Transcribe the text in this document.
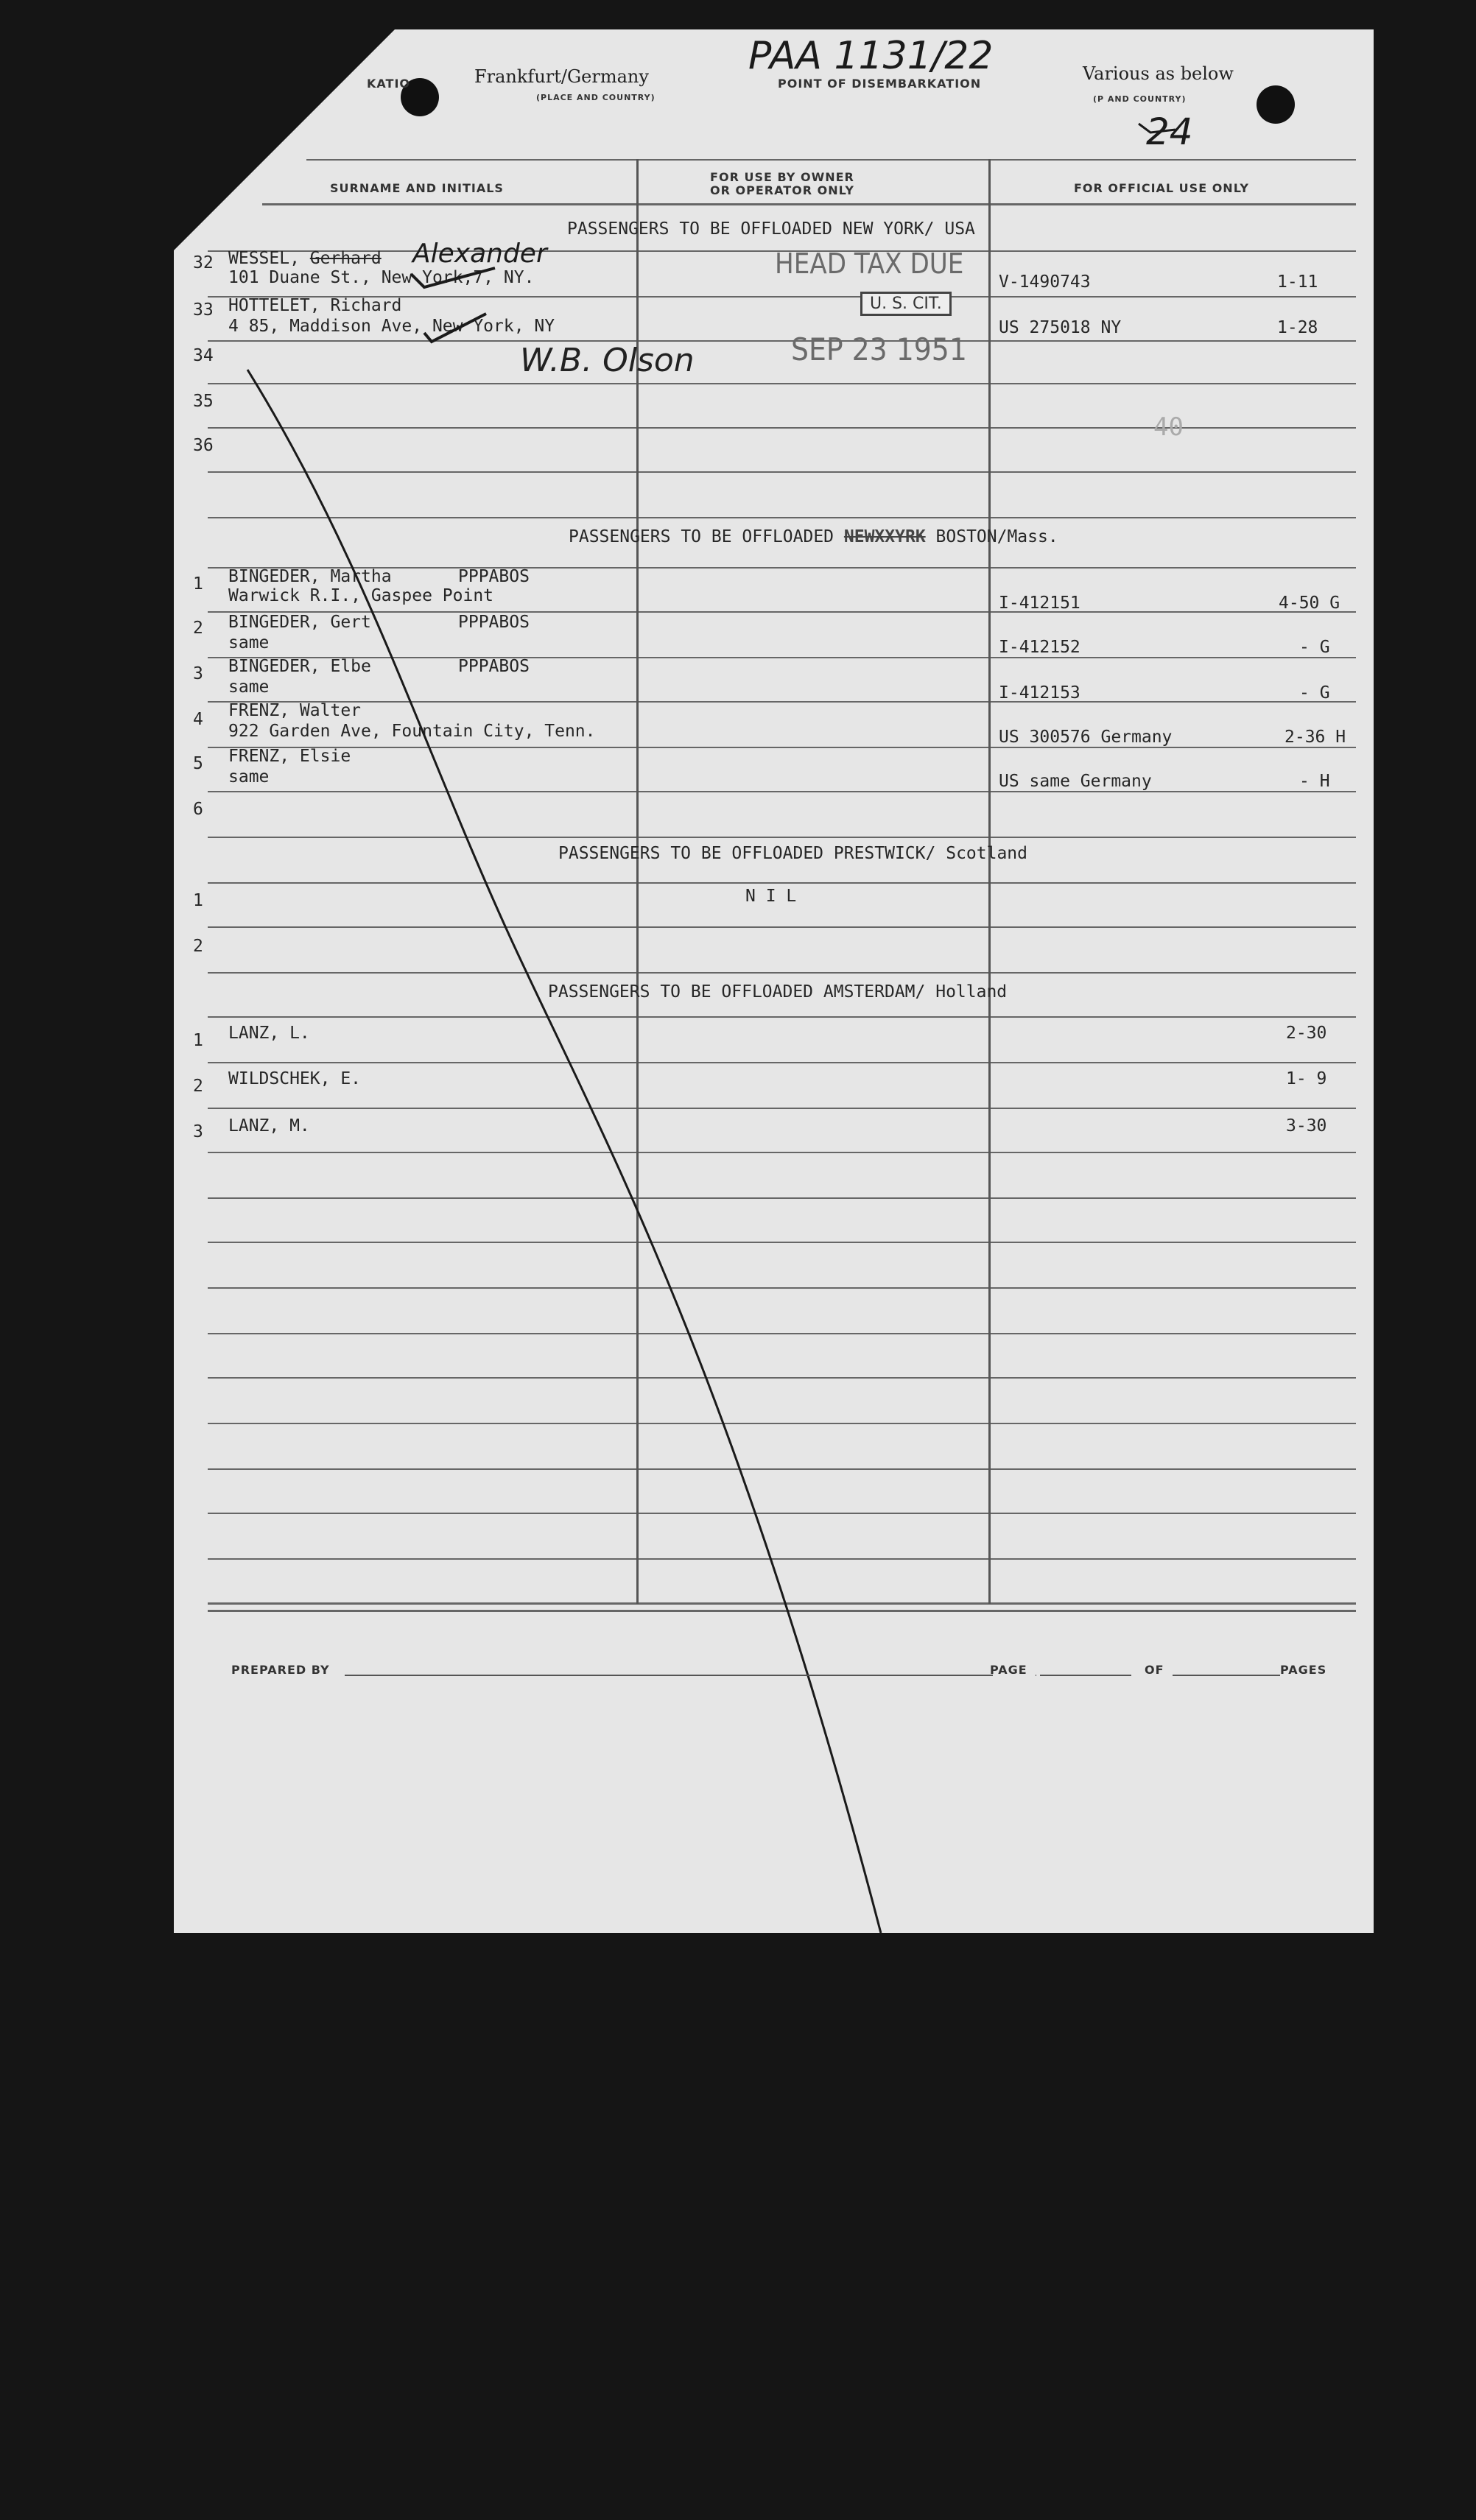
PAA 1131/22
KATIO	Frankfurt/Germany
(PLACE AND COUNTRY)
POINT OF DISEMBARKATION	Various as below
(P AND COUNTRY)
24
SURNAME AND INITIALS
FOR USE BY OWNER
OR OPERATOR ONLY	FOR OFFICIAL USE ONLY
PASSENGERS TO BE OFFLOADED NEW YORK/ USA
32 WESSEL, Gerhard Alexander
101 Duane St., New York,7, NY.	V-1490743	1-11
33 HOTTELET, Richard
4 85, Maddison Ave, New York, NY	US 275018 NY	1-28
34
35
36
HEAD TAX DUE
U. S. CIT.
SEP 23 1951
W.B. Olson
40
PASSENGERS TO BE OFFLOADED NEWXXYRK BOSTON/Mass.
1 BINGEDER, Martha	PPPABOS
Warwick R.I., Gaspee Point	I-412151	4-50 G
2 BINGEDER, Gert	PPPABOS
same	I-412152	- G
3 BINGEDER, Elbe	PPPABOS
same	I-412153	- G
4 FRENZ, Walter
922 Garden Ave, Fountain City, Tenn.	US 300576 Germany	2-36 H
5 FRENZ, Elsie
same	US same Germany	- H
6
PASSENGERS TO BE OFFLOADED PRESTWICK/ Scotland
1	N I L
2
PASSENGERS TO BE OFFLOADED AMSTERDAM/ Holland
1 LANZ, L.	2-30
2 WILDSCHEK, E.	1- 9
3 LANZ, M.	3-30
PREPARED BY	PAGE	OF	PAGES
